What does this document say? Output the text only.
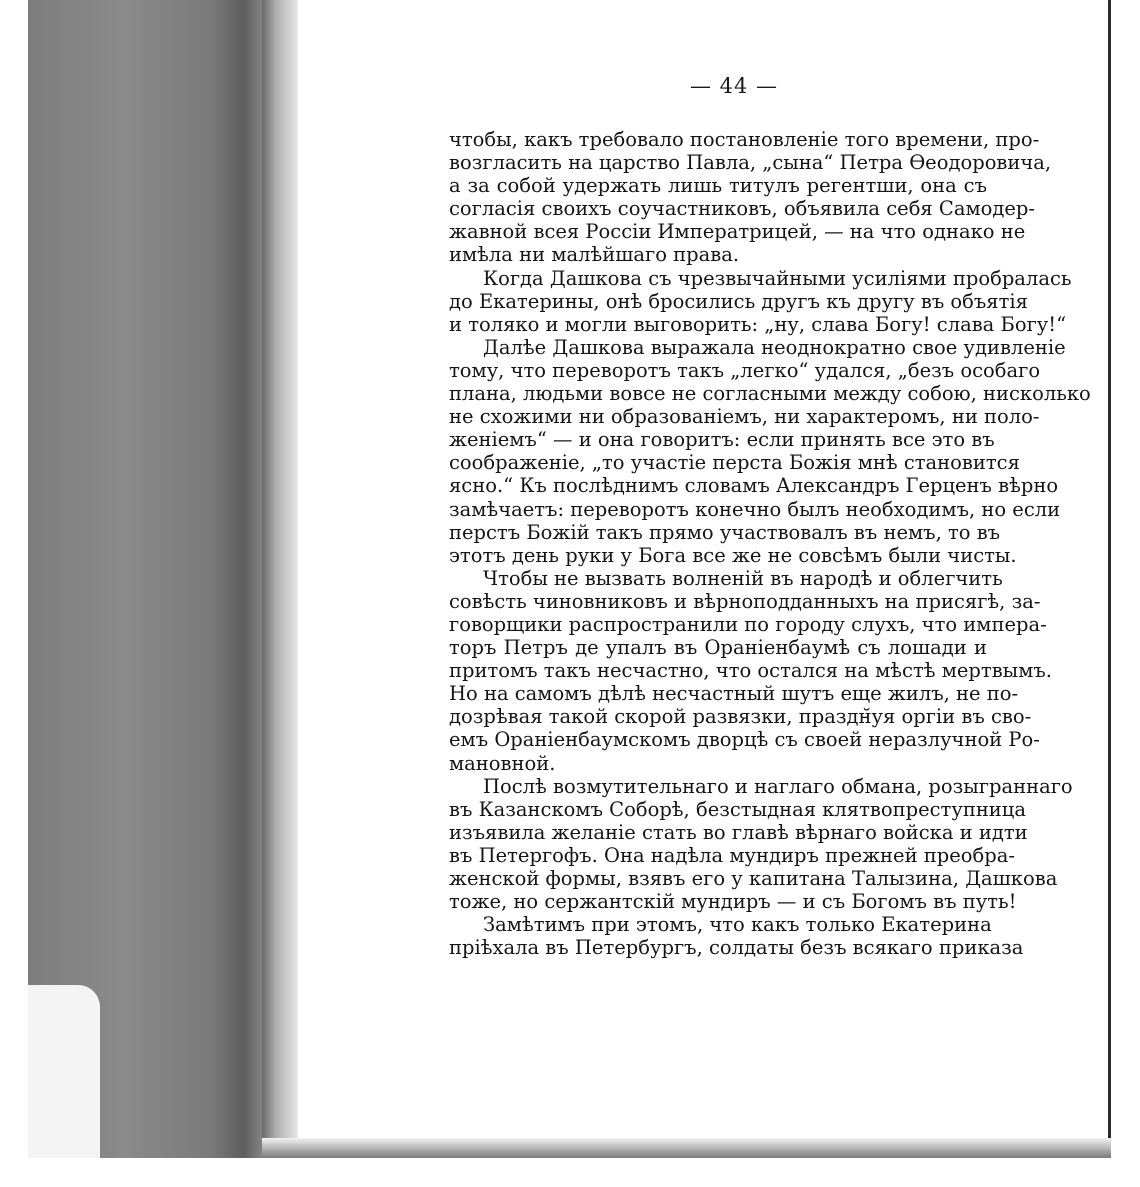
— 44 —
чтобы, какъ требовало постановленіе того времени, про-
возгласить на царство Павла, „сына“ Петра Ѳеодоровича,
а за собой удержать лишь титулъ регентши, она съ
согласія своихъ соучастниковъ, объявила себя Самодер-
жавной всея Россіи Императрицей, — на что однако не
имѣла ни малѣйшаго права.
Когда Дашкова съ чрезвычайными усиліями пробралась
до Екатерины, онѣ бросились другъ къ другу въ объятія
и толяко и могли выговорить: „ну, слава Богу! слава Богу!“
Далѣе Дашкова выражала неоднократно свое удивленіе
тому, что переворотъ такъ „легко“ удался, „безъ особаго
плана, людьми вовсе не согласными между собою, нисколько
не схожими ни образованіемъ, ни характеромъ, ни поло-
женіемъ“ — и она говоритъ: если принять все это въ
соображеніе, „то участіе перста Божія мнѣ становится
ясно.“ Къ послѣднимъ словамъ Александръ Герценъ вѣрно
замѣчаетъ: переворотъ конечно былъ необходимъ, но если
перстъ Божій такъ прямо участвовалъ въ немъ, то въ
этотъ день руки у Бога все же не совсѣмъ были чисты.
Чтобы не вызвать волненій въ народѣ и облегчить
совѣсть чиновниковъ и вѣрноподданныхъ на присягѣ, за-
говорщики распространили по городу слухъ, что импера-
торъ Петръ де упалъ въ Ораніенбаумѣ съ лошади и
притомъ такъ несчастно, что остался на мѣстѣ мертвымъ.
Но на самомъ дѣлѣ несчастный шутъ еще жилъ, не по-
дозрѣвая такой скорой развязки, праздн̆уя оргіи въ сво-
емъ Ораніенбаумскомъ дворцѣ съ своей неразлучной Ро-
мановной.
Послѣ возмутительнаго и наглаго обмана, розыграннаго
въ Казанскомъ Соборѣ, безстыдная клятвопреступница
изъявила желаніе стать во главѣ вѣрнаго войска и идти
въ Петергофъ. Она надѣла мундиръ прежней преобра-
женской формы, взявъ его у капитана Талызина, Дашкова
тоже, но сержантскій мундиръ — и съ Богомъ въ путь!
Замѣтимъ при этомъ, что какъ только Екатерина
пріѣхала въ Петербургъ, солдаты безъ всякаго приказа
